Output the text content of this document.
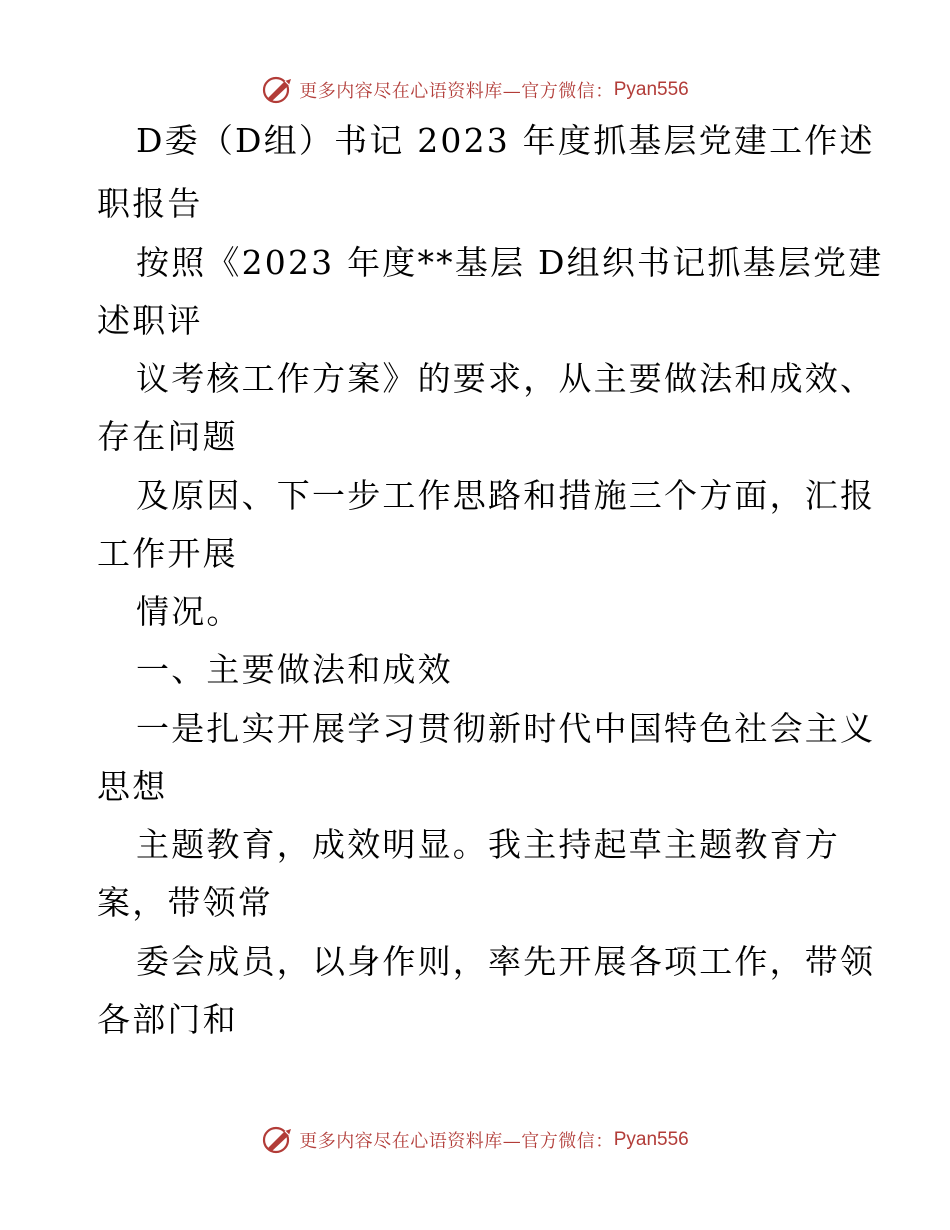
更多内容尽在心语资料库—官方微信： Pyan556
D委（D组）书记 2023 年度抓基层党建工作述
职报告
按照《2023 年度**基层 D组织书记抓基层党建
述职评
议考核工作方案》的要求，从主要做法和成效、
存在问题
及原因、下一步工作思路和措施三个方面，汇报
工作开展
情况。
一、主要做法和成效
一是扎实开展学习贯彻新时代中国特色社会主义
思想
主题教育，成效明显。我主持起草主题教育方
案，带领常
委会成员，以身作则，率先开展各项工作，带领
各部门和
更多内容尽在心语资料库—官方微信： Pyan556
